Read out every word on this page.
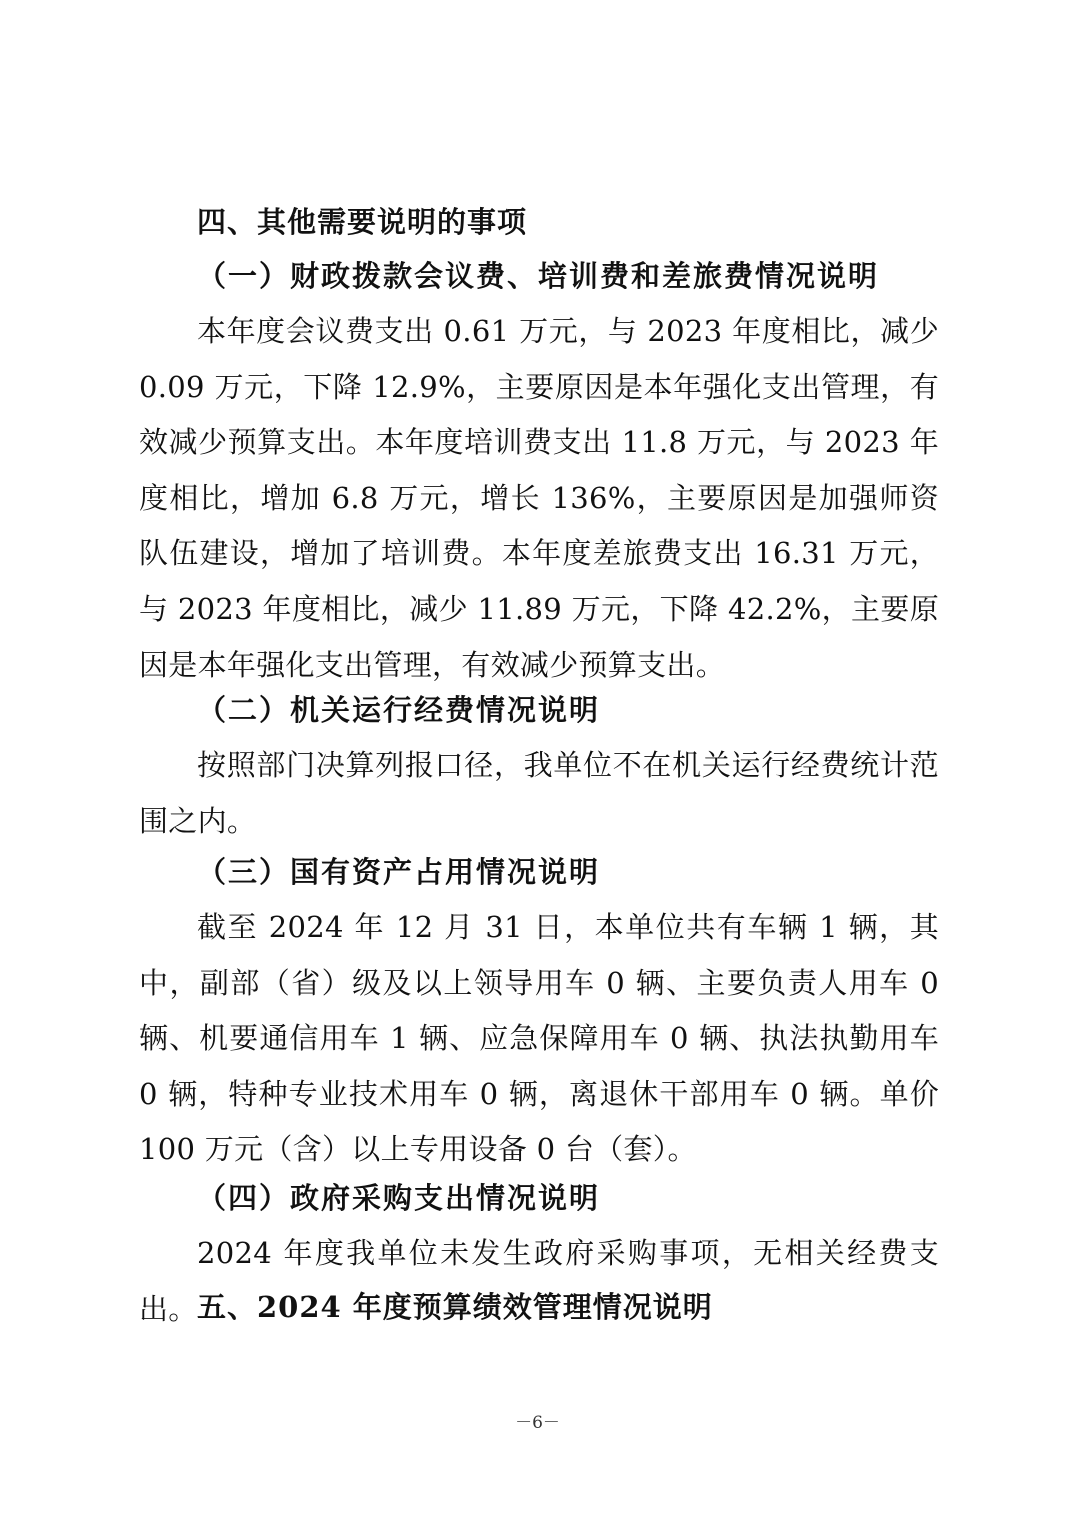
四、其他需要说明的事项
（一）财政拨款会议费、培训费和差旅费情况说明

本年度会议费支出 0.61 万元，与 2023 年度相比，减少 0.09 万元，下降 12.9%，主要原因是本年强化支出管理，有效减少预算支出。本年度培训费支出 11.8 万元，与 2023 年度相比，增加 6.8 万元，增长 136%，主要原因是加强师资队伍建设，增加了培训费。本年度差旅费支出 16.31 万元，与 2023 年度相比，减少 11.89 万元，下降 42.2%，主要原因是本年强化支出管理，有效减少预算支出。

（二）机关运行经费情况说明

按照部门决算列报口径，我单位不在机关运行经费统计范围之内。

（三）国有资产占用情况说明

截至 2024 年 12 月 31 日，本单位共有车辆 1 辆，其中，副部（省）级及以上领导用车 0 辆、主要负责人用车 0 辆、机要通信用车 1 辆、应急保障用车 0 辆、执法执勤用车 0 辆，特种专业技术用车 0 辆，离退休干部用车 0 辆。单价 100 万元（含）以上专用设备 0 台（套）。

（四）政府采购支出情况说明

2024 年度我单位未发生政府采购事项，无相关经费支出。 五、2024 年度预算绩效管理情况说明
－6－
